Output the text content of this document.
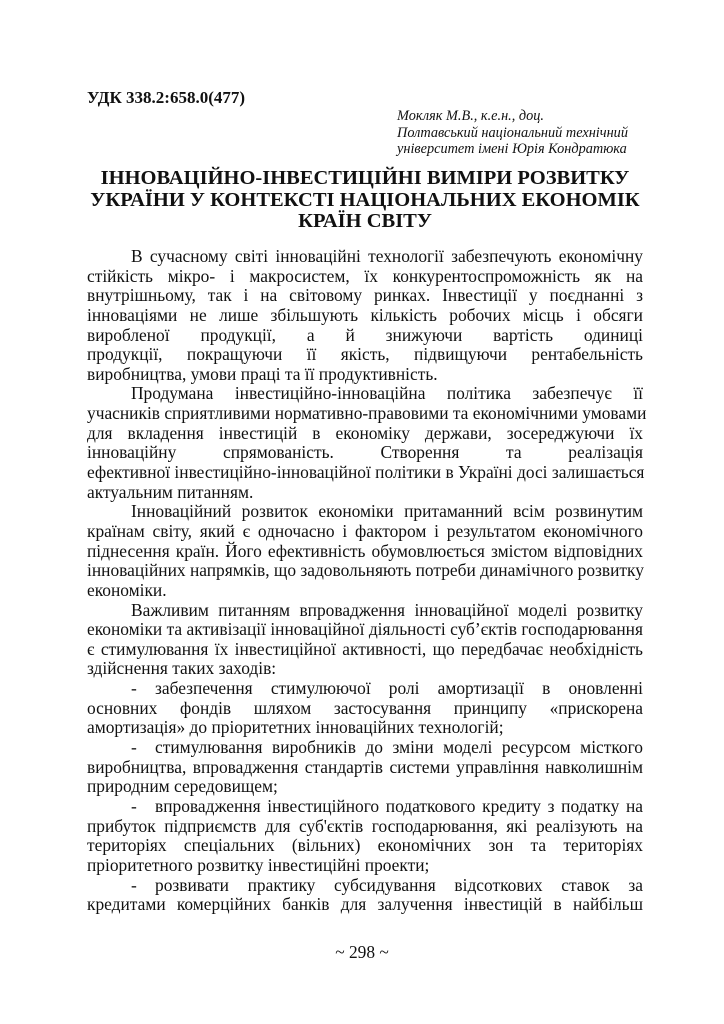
УДК 338.2:658.0(477)
Мокляк М.В., к.е.н., доц.
Полтавський національний технічний
університет імені Юрія Кондратюка
ІННОВАЦІЙНО-ІНВЕСТИЦІЙНІ ВИМІРИ РОЗВИТКУ
УКРАЇНИ У КОНТЕКСТІ НАЦІОНАЛЬНИХ ЕКОНОМІК
КРАЇН СВІТУ
В сучасному світі інноваційні технології забезпечують економічну
стійкість мікро- і макросистем, їх конкурентоспроможність як на
внутрішньому, так і на світовому ринках. Інвестиції у поєднанні з
інноваціями не лише збільшують кількість робочих місць і обсяги
виробленої продукції, а й знижуючи вартість одиниці
продукції, покращуючи її якість, підвищуючи рентабельність
виробництва, умови праці та її продуктивність.
Продумана інвестиційно-інноваційна політика забезпечує її
учасників сприятливими нормативно-правовими та економічними умовами
для вкладення інвестицій в економіку держави, зосереджуючи їх
інноваційну спрямованість. Створення та реалізація
ефективної інвестиційно-інноваційної політики в Україні досі залишається
актуальним питанням.
Інноваційний розвиток економіки притаманний всім розвинутим
країнам світу, який є одночасно і фактором і результатом економічного
піднесення країн. Його ефективність обумовлюється змістом відповідних
інноваційних напрямків, що задовольняють потреби динамічного розвитку
економіки.
Важливим питанням впровадження інноваційної моделі розвитку
економіки та активізації інноваційної діяльності суб’єктів господарювання
є стимулювання їх інвестиційної активності, що передбачає необхідність
здійснення таких заходів:
-	забезпечення стимулюючої ролі амортизації в оновленні
основних фондів шляхом застосування принципу «прискорена
амортизація» до пріоритетних інноваційних технологій;
-	стимулювання виробників до зміни моделі ресурсом місткого
виробництва, впровадження стандартів системи управління навколишнім
природним середовищем;
-	впровадження інвестиційного податкового кредиту з податку на
прибуток підприємств для суб'єктів господарювання, які реалізують на
територіях спеціальних (вільних) економічних зон та територіях
пріоритетного розвитку інвестиційні проекти;
-	розвивати практику субсидування відсоткових ставок за
кредитами комерційних банків для залучення інвестицій в найбільш
~ 298 ~
